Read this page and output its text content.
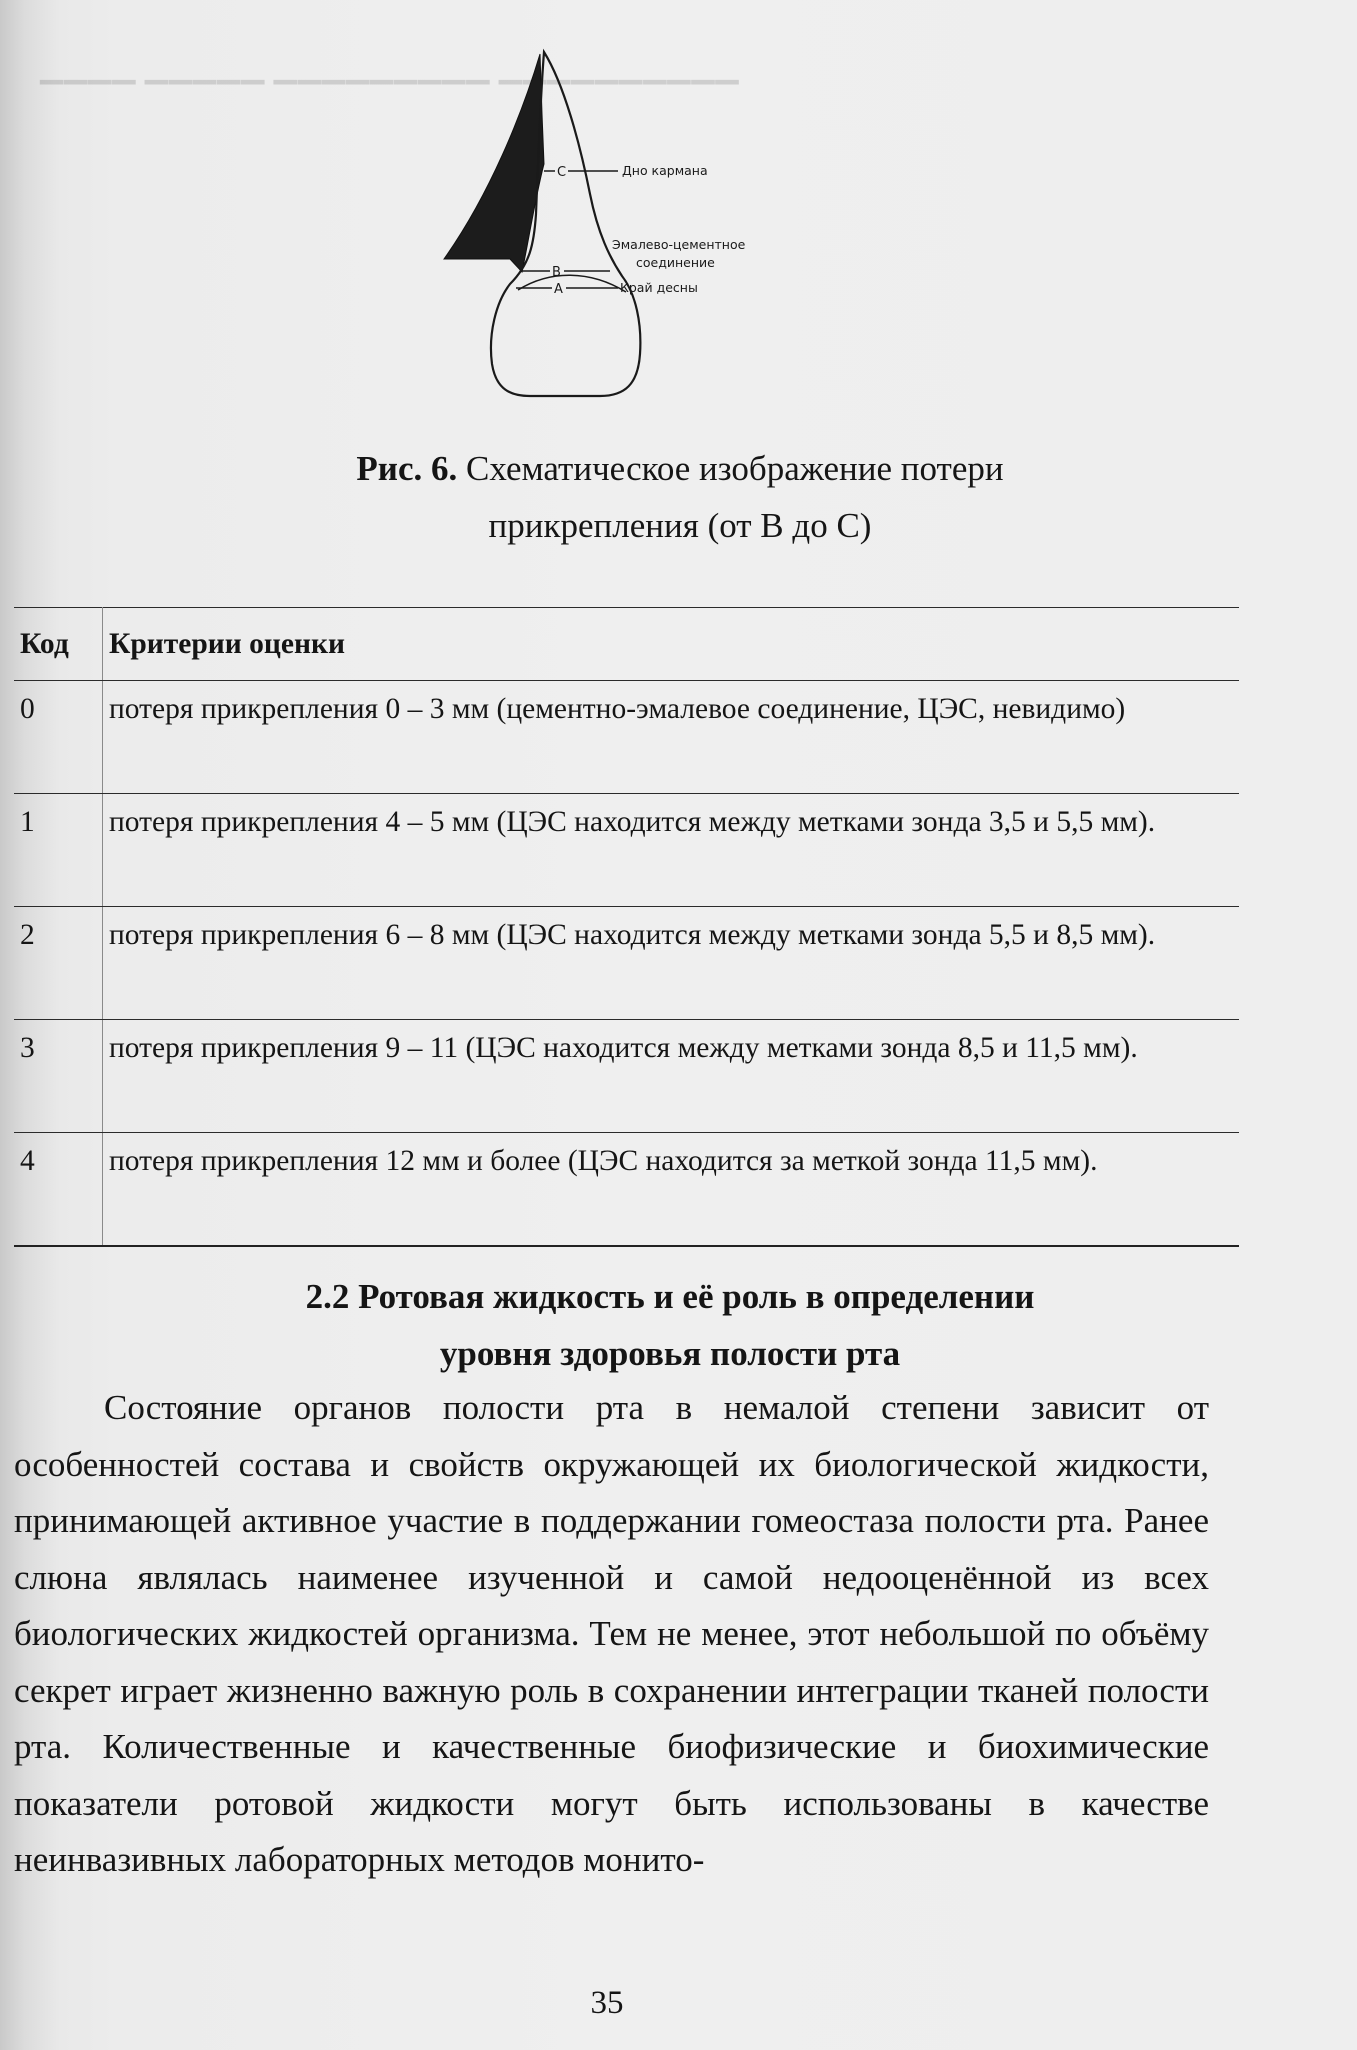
▁▁▁▁ ▁▁▁▁▁ ▁▁▁▁▁▁▁▁▁ ▁▁▁▁▁▁▁▁▁▁
C	Дно кармана
B
Эмалево-цементное
соединение
A	Край десны
Рис. 6. Схематическое изображение потери
прикрепления (от В до С)
Код	Критерии оценки
0	потеря прикрепления 0 – 3 мм (цементно-эмалевое соединение, ЦЭС, невидимо)
1	потеря прикрепления 4 – 5 мм (ЦЭС находится между метками зонда 3,5 и 5,5 мм).
2	потеря прикрепления 6 – 8 мм (ЦЭС находится между метками зонда 5,5 и 8,5 мм).
3	потеря прикрепления 9 – 11 (ЦЭС находится между метками зонда 8,5 и 11,5 мм).
4	потеря прикрепления 12 мм и более (ЦЭС находится за меткой зонда 11,5 мм).
2.2 Ротовая жидкость и её роль в определении
уровня здоровья полости рта

Состояние органов полости рта в немалой степени зависит от особенностей состава и свойств окружающей их биологической жидкости, принимающей активное участие в поддержании гомеостаза полости рта. Ранее слюна являлась наименее изученной и самой недооценённой из всех биологических жидкостей организма. Тем не менее, этот небольшой по объёму секрет играет жизненно важную роль в сохранении интеграции тканей полости рта. Количественные и качественные биофизические и биохимические показатели ротовой жидкости могут быть использованы в качестве неинвазивных лабораторных методов монито-

35
